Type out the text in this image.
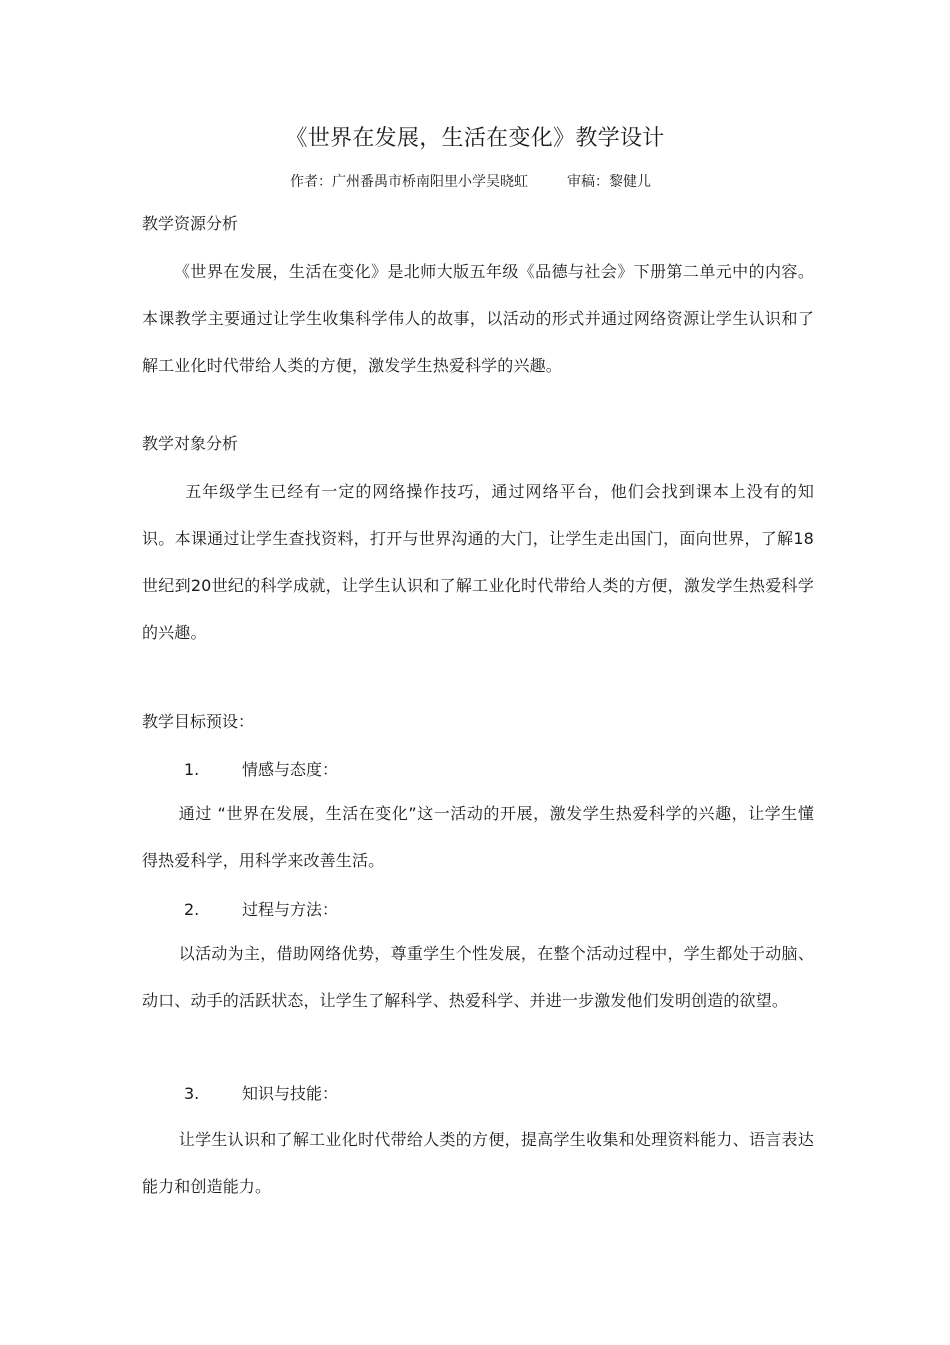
《世界在发展，生活在变化》教学设计
作者：广州番禺市桥南阳里小学吴晓虹	审稿：黎健儿
教学资源分析

《世界在发展，生活在变化》是北师大版五年级《品德与社会》下册第二单元中的内容。本课教学主要通过让学生收集科学伟人的故事，以活动的形式并通过网络资源让学生认识和了解工业化时代带给人类的方便，激发学生热爱科学的兴趣。

教学对象分析

五年级学生已经有一定的网络操作技巧，通过网络平台，他们会找到课本上没有的知识。本课通过让学生查找资料，打开与世界沟通的大门，让学生走出国门，面向世界，了解18世纪到20世纪的科学成就，让学生认识和了解工业化时代带给人类的方便，激发学生热爱科学的兴趣。

教学目标预设：
1.	情感与态度：

通过 “世界在发展，生活在变化”这一活动的开展，激发学生热爱科学的兴趣，让学生懂得热爱科学，用科学来改善生活。

2.	过程与方法：

以活动为主，借助网络优势，尊重学生个性发展，在整个活动过程中，学生都处于动脑、动口、动手的活跃状态，让学生了解科学、热爱科学、并进一步激发他们发明创造的欲望。

3.	知识与技能：

让学生认识和了解工业化时代带给人类的方便，提高学生收集和处理资料能力、语言表达能力和创造能力。
